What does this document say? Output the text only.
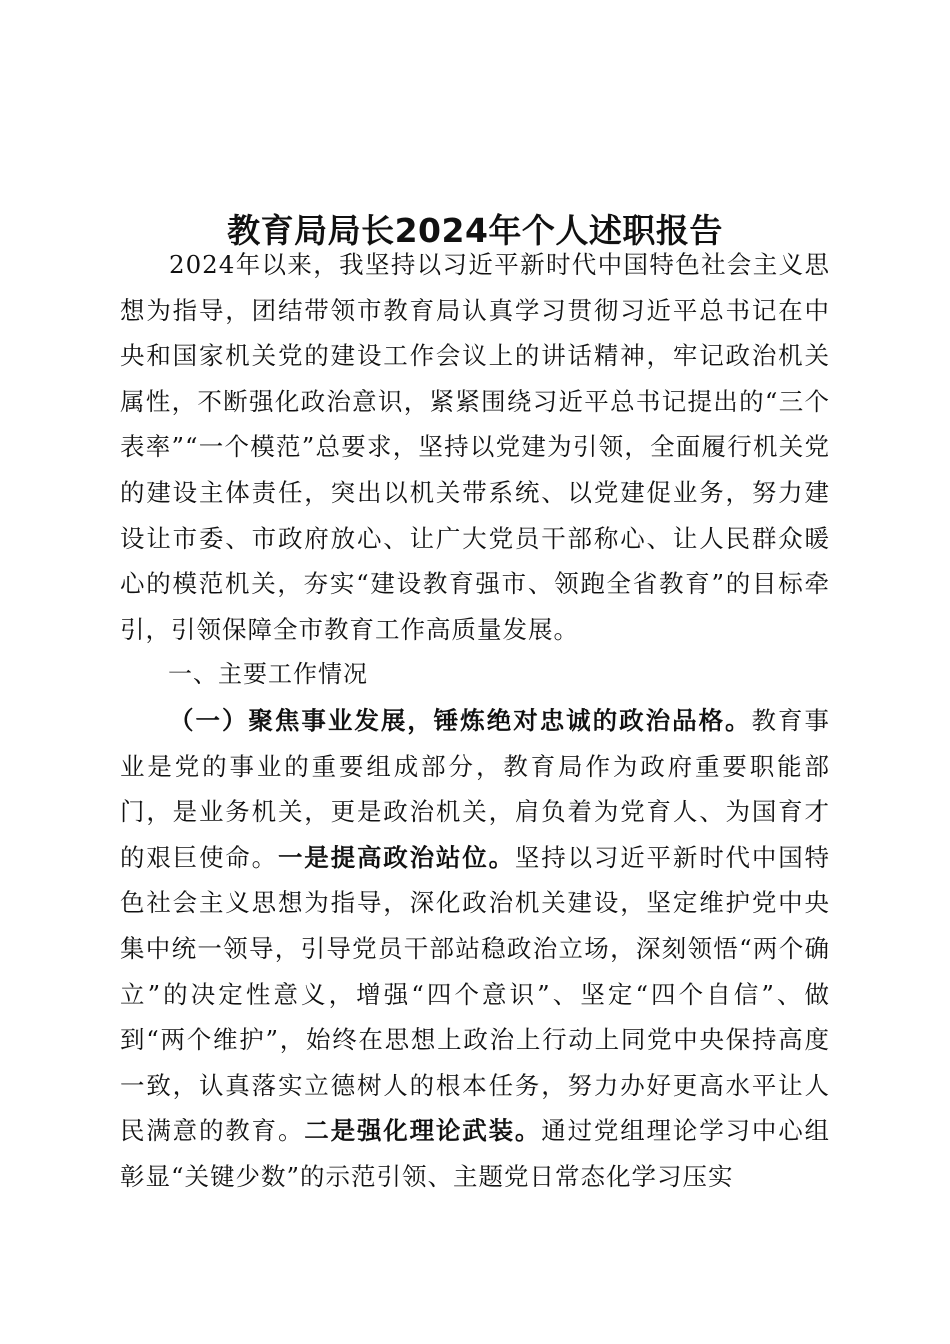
教育局局长2024年个人述职报告

2024年以来，我坚持以习近平新时代中国特色社会主义思想为指导，团结带领市教育局认真学习贯彻习近平总书记在中央和国家机关党的建设工作会议上的讲话精神，牢记政治机关属性，不断强化政治意识，紧紧围绕习近平总书记提出的“三个表率”“一个模范”总要求，坚持以党建为引领，全面履行机关党的建设主体责任，突出以机关带系统、以党建促业务，努力建设让市委、市政府放心、让广大党员干部称心、让人民群众暖心的模范机关，夯实“建设教育强市、领跑全省教育”的目标牵引，引领保障全市教育工作高质量发展。

一、主要工作情况

（一）聚焦事业发展，锤炼绝对忠诚的政治品格。教育事业是党的事业的重要组成部分，教育局作为政府重要职能部门，是业务机关，更是政治机关，肩负着为党育人、为国育才的艰巨使命。一是提高政治站位。坚持以习近平新时代中国特色社会主义思想为指导，深化政治机关建设，坚定维护党中央集中统一领导，引导党员干部站稳政治立场，深刻领悟“两个确立”的决定性意义，增强“四个意识”、坚定“四个自信”、做到“两个维护”，始终在思想上政治上行动上同党中央保持高度一致，认真落实立德树人的根本任务，努力办好更高水平让人民满意的教育。二是强化理论武装。通过党组理论学习中心组彰显“关键少数”的示范引领、主题党日常态化学习压实
